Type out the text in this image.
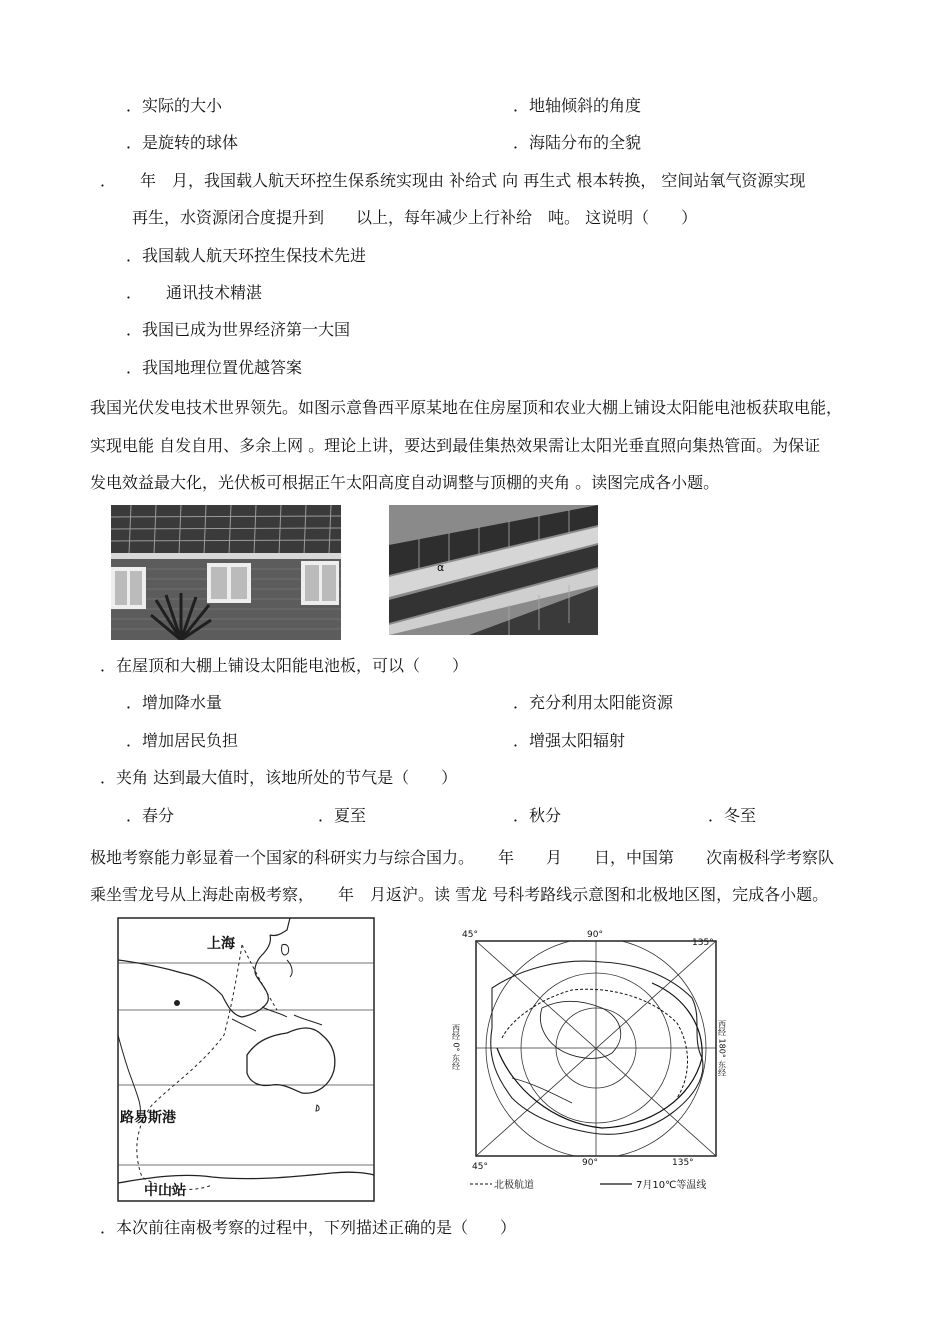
．实际的大小	．地轴倾斜的角度
．是旋转的球体	．海陆分布的全貌
．　　年　月，我国载人航天环控生保系统实现由 补给式 向 再生式 根本转换， 空间站氧气资源实现
再生，水资源闭合度提升到　　以上，每年减少上行补给　吨。 这说明（　　）
．我国载人航天环控生保技术先进
．　　通讯技术精湛
．我国已成为世界经济第一大国
．我国地理位置优越答案
我国光伏发电技术世界领先。如图示意鲁西平原某地在住房屋顶和农业大棚上铺设太阳能电池板获取电能，
实现电能 自发自用、多余上网 。理论上讲，要达到最佳集热效果需让太阳光垂直照向集热管面。为保证
发电效益最大化，光伏板可根据正午太阳高度自动调整与顶棚的夹角 。读图完成各小题。
α
．在屋顶和大棚上铺设太阳能电池板，可以（　　）
．增加降水量	．充分利用太阳能资源
．增加居民负担	．增强太阳辐射
．夹角 达到最大值时，该地所处的节气是（　　）
．春分	．夏至	．秋分	．冬至
极地考察能力彰显着一个国家的科研实力与综合国力。　　年　　月　　日，中国第　　次南极科学考察队
乘坐雪龙号从上海赴南极考察，　　年　月返沪。读 雪龙 号科考路线示意图和北极地区图，完成各小题。
上海
路易斯港
中山站
45°	90°
135°
45°	90°	135°
西经 0° 东经	西经 180° 东经
北极航道	7月10℃等温线
．本次前往南极考察的过程中，下列描述正确的是（　　）
